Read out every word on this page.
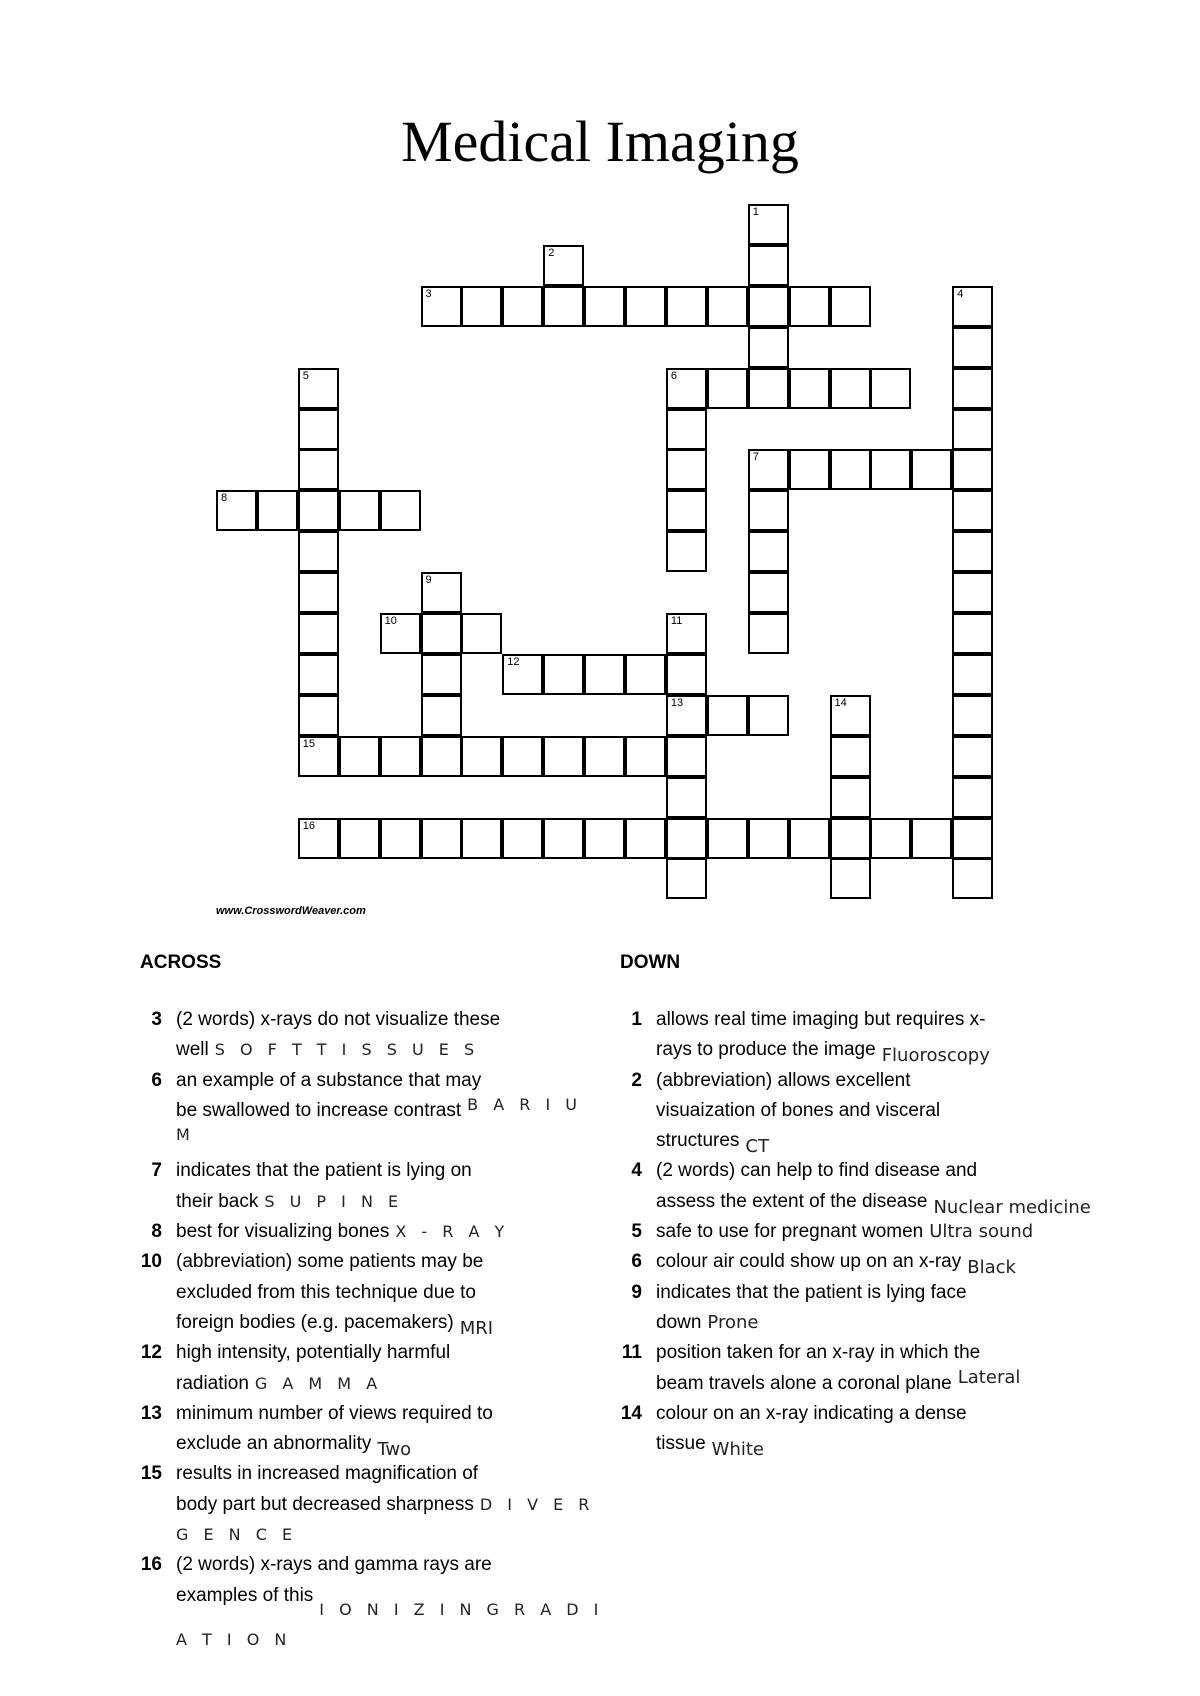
Medical Imaging
1
2
3	4
5
15
6
7
8
9
10	11
13
12
14
16
www.CrosswordWeaver.com
ACROSS	DOWN
3 (2 words) x-rays do not visualize these
well S O F T T I S S U E S
6 an example of a substance that may
be swallowed to increase contrast $^{B A R I U M}$
7 indicates that the patient is lying on
their back S U P I N E
8 best for visualizing bones X - R A Y
10 (abbreviation) some patients may be
excluded from this technique due to
foreign bodies (e.g. pacemakers) MRI
12 high intensity, potentially harmful
radiation G A M M A
13 minimum number of views required to
exclude an abnormality Two
15 results in increased magnification of
body part but decreased sharpness D I V E R G E N C E
16 (2 words) x-rays and gamma rays are
examples of this$_{I O N I Z I N G R A D I A T I O N}$
1 allows real time imaging but requires x-
rays to produce the image Fluoroscopy
2 (abbreviation) allows excellent
visuaization of bones and visceral
structures CT
4 (2 words) can help to find disease and
assess the extent of the disease Nuclear medicine
5 safe to use for pregnant women Ultra sound
6 colour air could show up on an x-ray Black
9 indicates that the patient is lying face
down Prone
11 position taken for an x-ray in which the
beam travels alone a coronal plane Lateral
14 colour on an x-ray indicating a dense
tissue White
